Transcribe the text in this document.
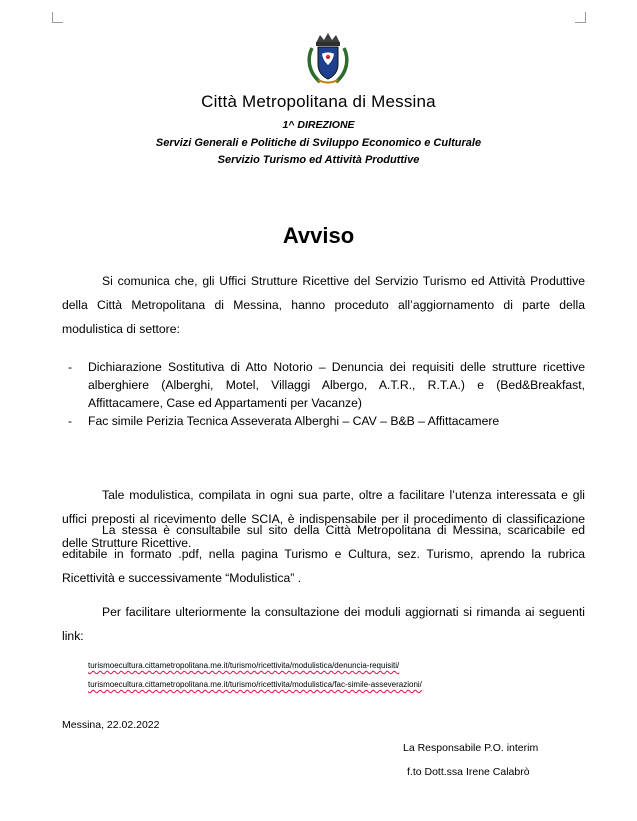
Città Metropolitana di Messina
1^ DIREZIONE
Servizi Generali e Politiche di Sviluppo Economico e Culturale
Servizio Turismo ed Attività Produttive
Avviso
Si comunica che, gli Uffici Strutture Ricettive del Servizio Turismo ed Attività Produttive della Città Metropolitana di Messina, hanno proceduto all’aggiornamento di parte della modulistica di settore:
- Dichiarazione Sostitutiva di Atto Notorio – Denuncia dei requisiti delle strutture ricettive alberghiere (Alberghi, Motel, Villaggi Albergo, A.T.R., R.T.A.) e (Bed&Breakfast, Affittacamere, Case ed Appartamenti per Vacanze)
- Fac simile Perizia Tecnica Asseverata Alberghi – CAV – B&B – Affittacamere
Tale modulistica, compilata in ogni sua parte, oltre a facilitare l’utenza interessata e gli uffici preposti al ricevimento delle SCIA, è indispensabile per il procedimento di classificazione delle Strutture Ricettive.
La stessa è consultabile sul sito della Città Metropolitana di Messina, scaricabile ed editabile in formato .pdf, nella pagina Turismo e Cultura, sez. Turismo, aprendo la rubrica Ricettività e successivamente “Modulistica” .
Per facilitare ulteriormente la consultazione dei moduli aggiornati si rimanda ai seguenti link:
turismoecultura.cittametropolitana.me.it/turismo/ricettivita/modulistica/denuncia-requisiti/
turismoecultura.cittametropolitana.me.it/turismo/ricettivita/modulistica/fac-simile-asseverazioni/
Messina, 22.02.2022
La Responsabile P.O. interim
f.to Dott.ssa Irene Calabrò
